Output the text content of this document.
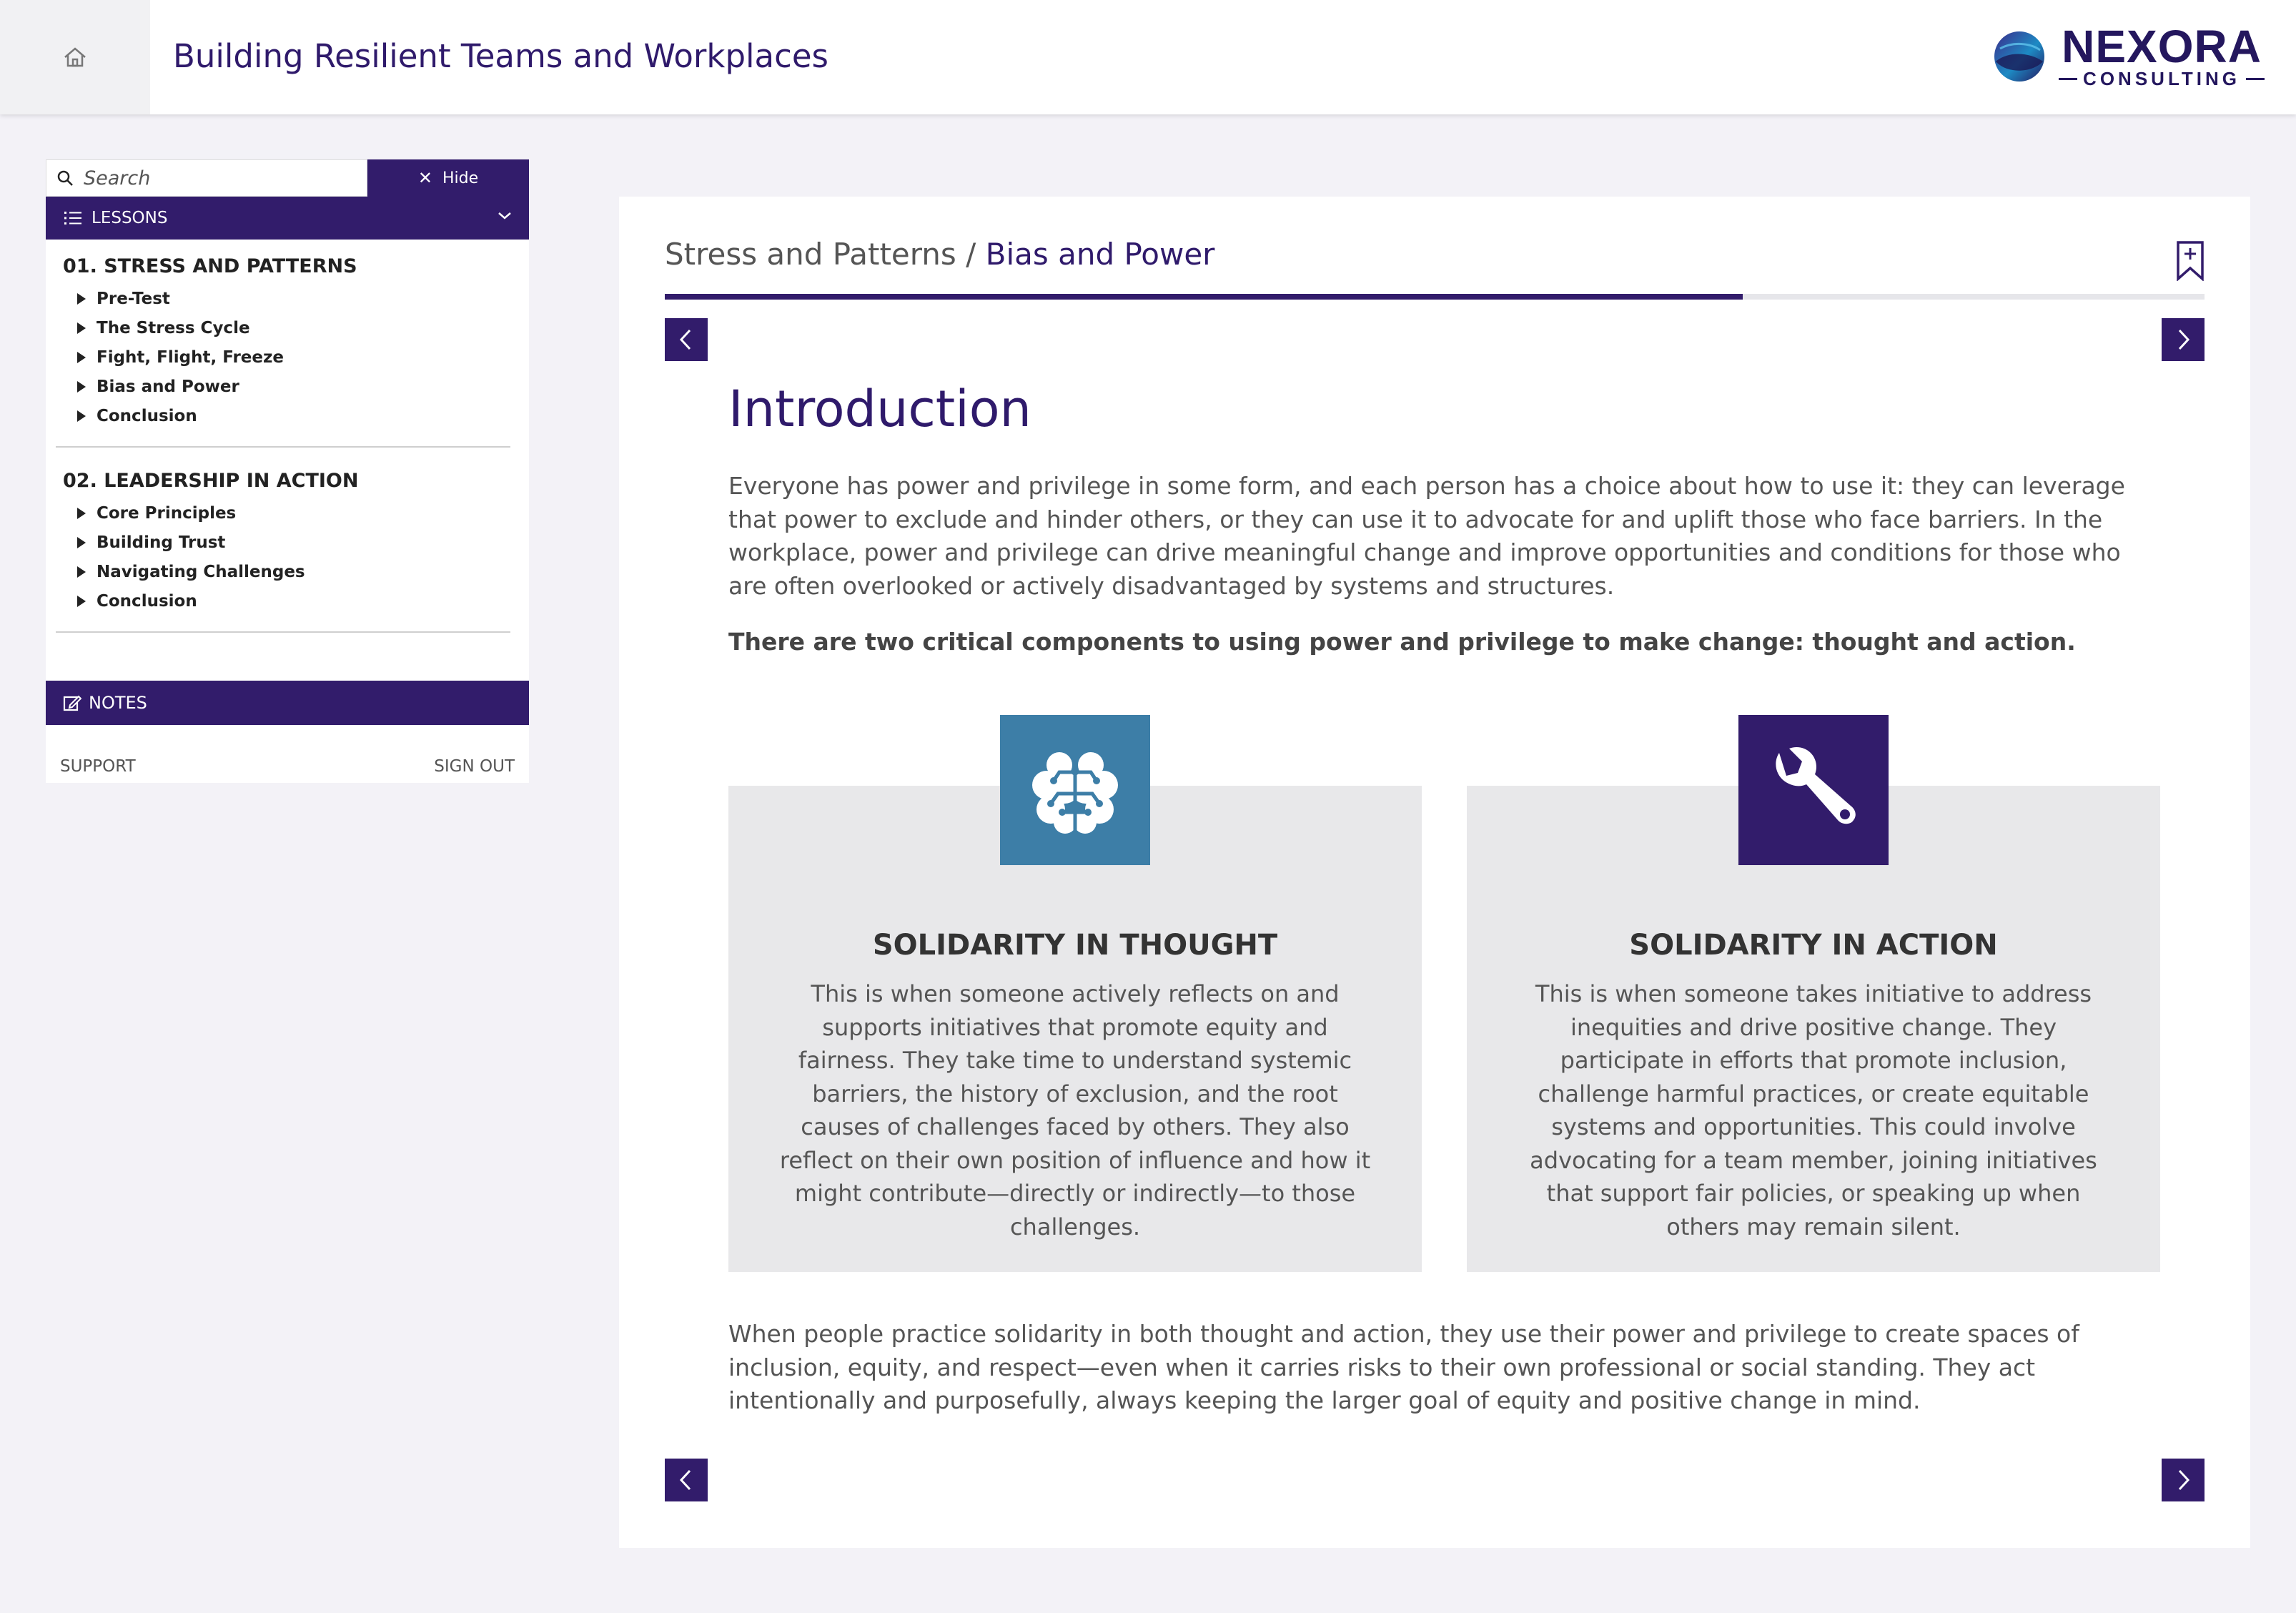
Building Resilient Teams and Workplaces	NEXORA
CONSULTING
Search
✕ Hide
LESSONS
01. STRESS AND PATTERNS
Pre-Test
The Stress Cycle
Fight, Flight, Freeze
Bias and Power
Conclusion
02. LEADERSHIP IN ACTION
Core Principles
Building Trust
Navigating Challenges
Conclusion
NOTES
SUPPORT	SIGN OUT
Stress and Patterns / Bias and Power
Introduction
Everyone has power and privilege in some form, and each person has a choice about how to use it: they can leverage that power to exclude and hinder others, or they can use it to advocate for and uplift those who face barriers. In the workplace, power and privilege can drive meaningful change and improve opportunities and conditions for those who are often overlooked or actively disadvantaged by systems and structures.
There are two critical components to using power and privilege to make change: thought and action.
SOLIDARITY IN THOUGHT
This is when someone actively reflects on and supports initiatives that promote equity and fairness. They take time to understand systemic barriers, the history of exclusion, and the root causes of challenges faced by others. They also reflect on their own position of influence and how it might contribute—directly or indirectly—to those challenges.
SOLIDARITY IN ACTION
This is when someone takes initiative to address inequities and drive positive change. They participate in efforts that promote inclusion, challenge harmful practices, or create equitable systems and opportunities. This could involve advocating for a team member, joining initiatives that support fair policies, or speaking up when others may remain silent.
When people practice solidarity in both thought and action, they use their power and privilege to create spaces of inclusion, equity, and respect—even when it carries risks to their own professional or social standing. They act intentionally and purposefully, always keeping the larger goal of equity and positive change in mind.
